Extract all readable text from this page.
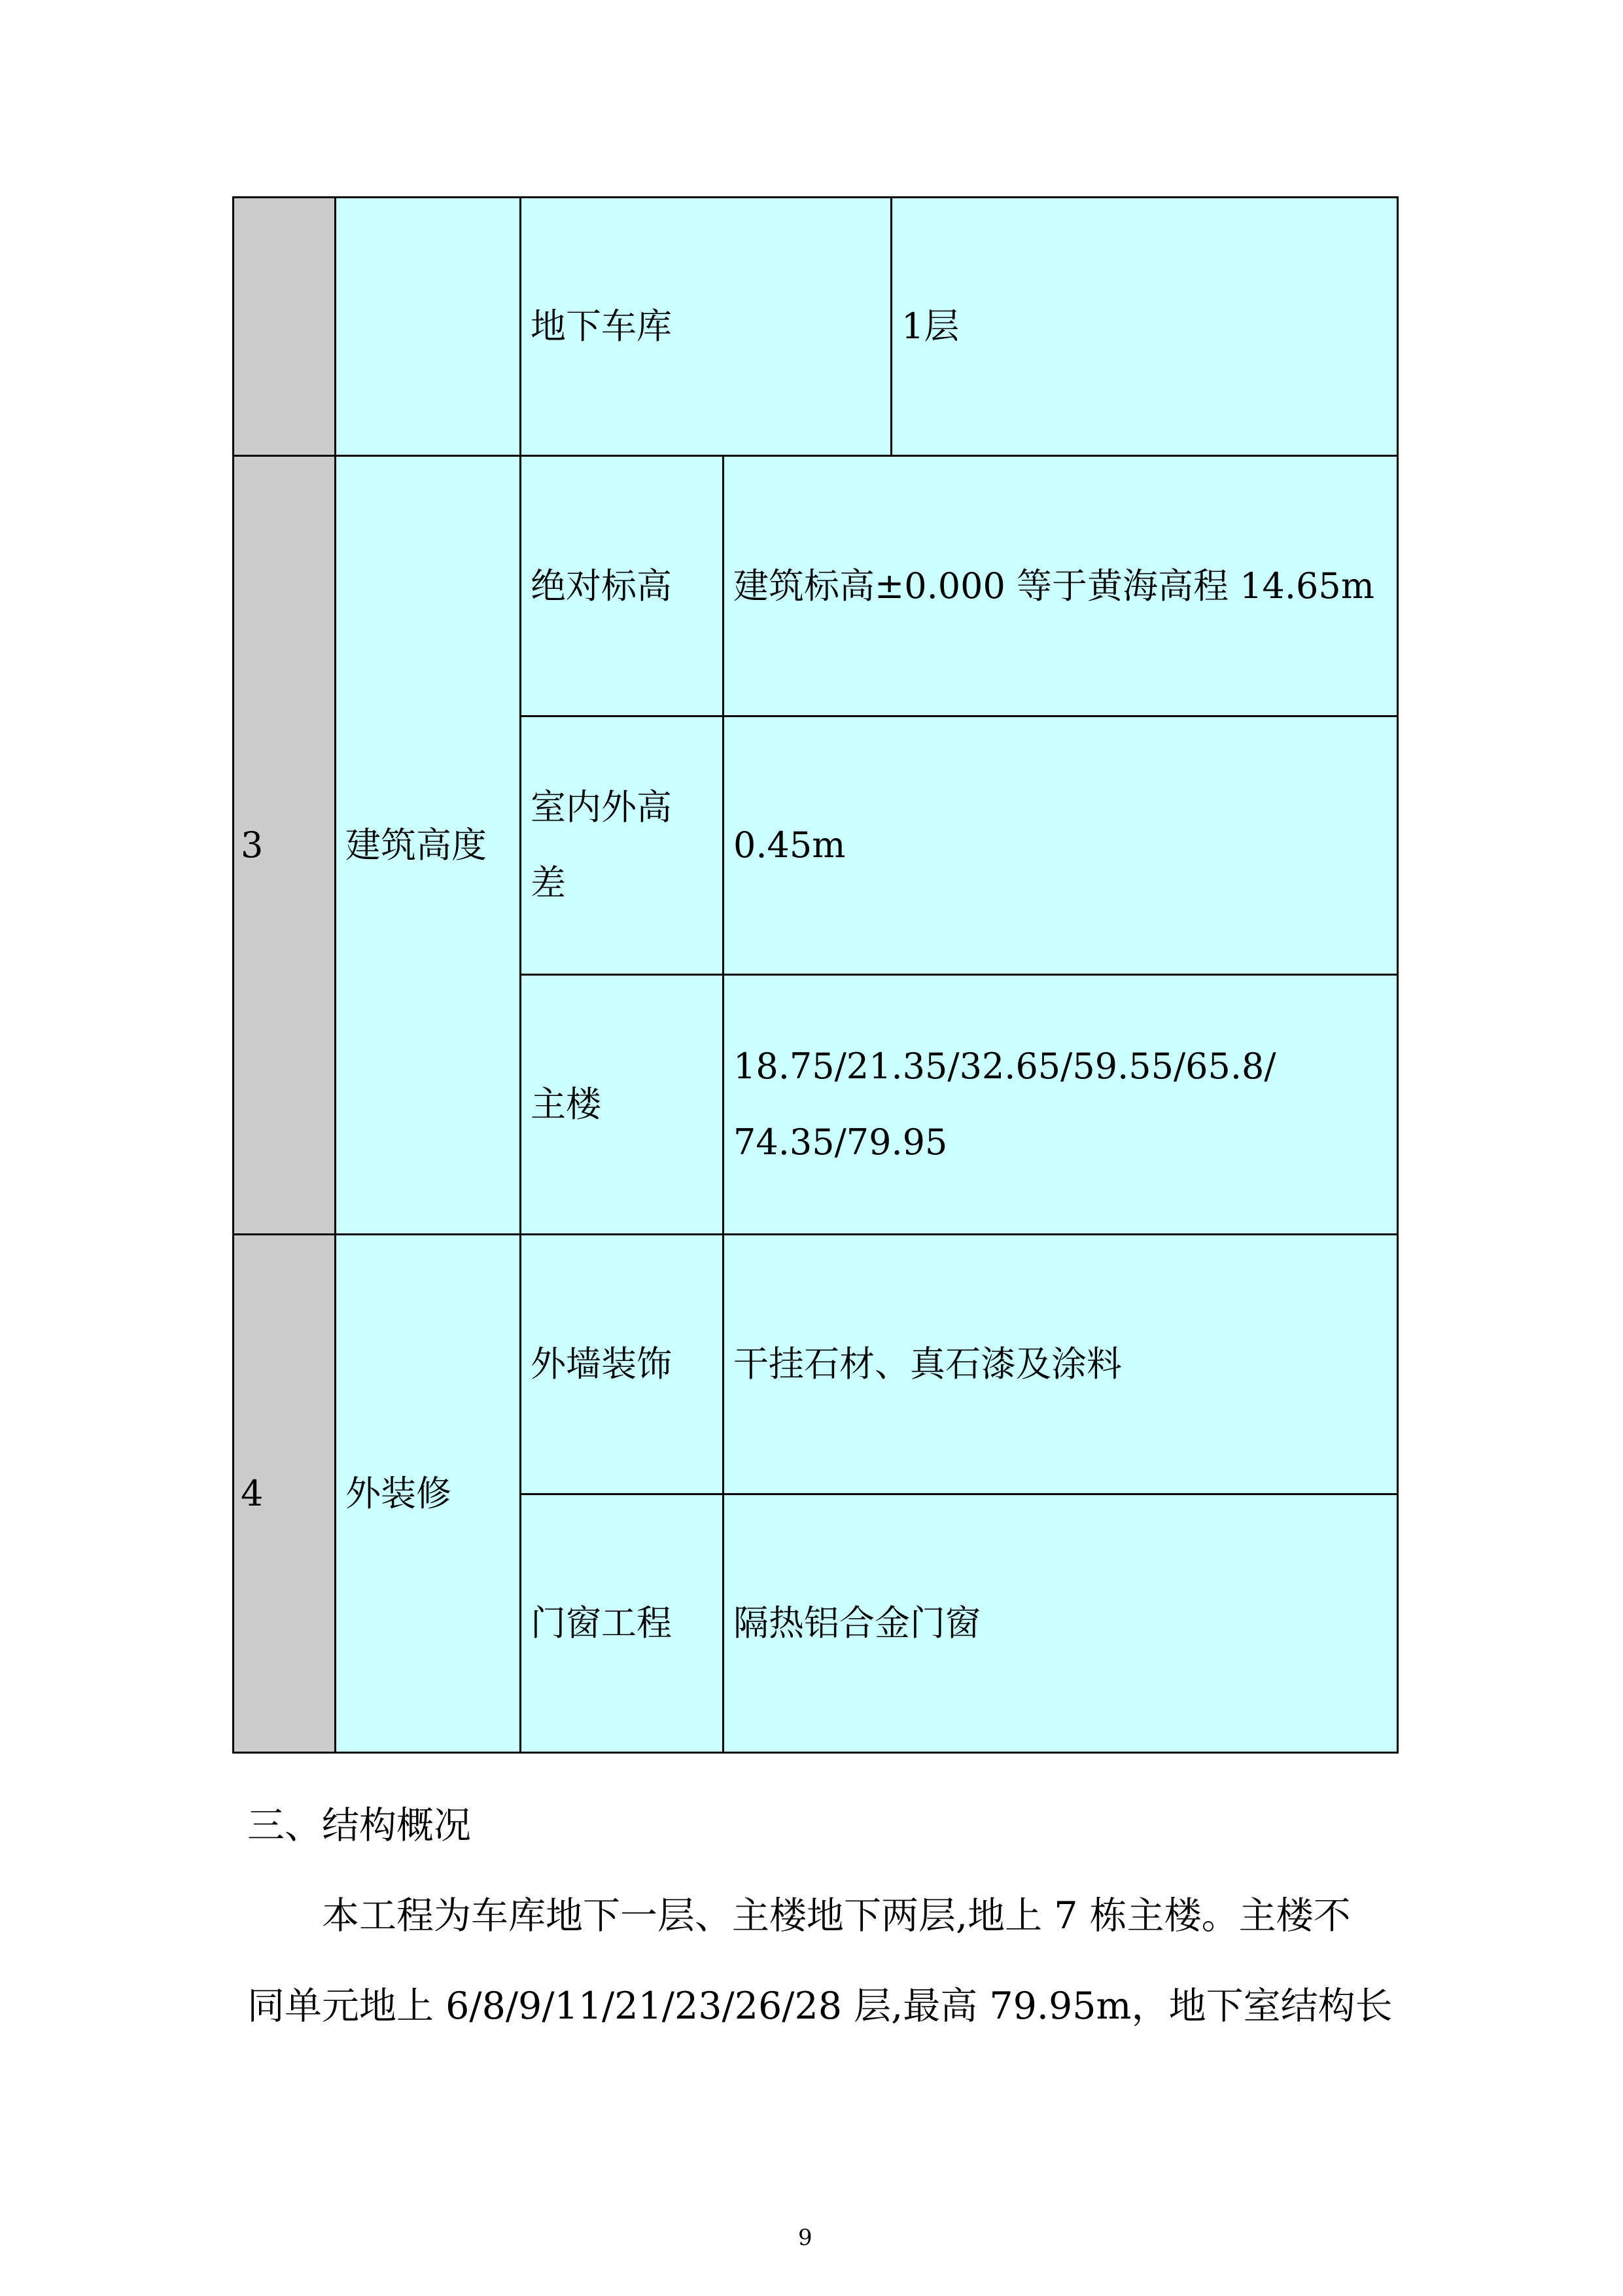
地下车库	1层
3 建筑高度
绝对标高 建筑标高±0.000 等于黄海高程 14.65m
室内外高
差
0.45m
主楼
18.75/21.35/32.65/59.55/65.8/
74.35/79.95
4 外装修
外墙装饰 干挂石材、真石漆及涂料
门窗工程 隔热铝合金门窗
三、结构概况
本工程为车库地下一层、主楼地下两层,地上 7 栋主楼。主楼不
同单元地上 6/8/9/11/21/23/26/28 层,最高 79.95m，地下室结构长
9
